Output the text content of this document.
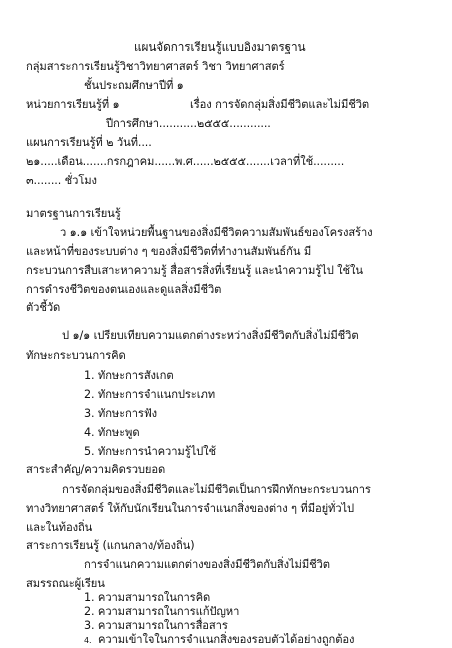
แผนจัดการเรียนรู้แบบอิงมาตรฐาน
กลุ่มสาระการเรียนรู้วิชาวิทยาศาสตร์ วิชา วิทยาศาสตร์
ชั้นประถมศึกษาปีที่ ๑
หน่วยการเรียนรู้ที่ ๑	เรื่อง การจัดกลุ่มสิ่งมีชีวิตและไม่มีชีวิต
ปีการศึกษา...........๒๕๕๕............
แผนการเรียนรู้ที่ ๒ วันที่....
๒๑.....เดือน.......กรกฎาคม......พ.ศ......๒๕๕๕.......เวลาที่ใช้.........
๓........ ชั่วโมง
มาตรฐานการเรียนรู้
ว ๑.๑ เข้าใจหน่วยพื้นฐานของสิ่งมีชีวิตความสัมพันธ์ของโครงสร้าง
และหน้าที่ของระบบต่าง ๆ ของสิ่งมีชีวิตที่ทำงานสัมพันธ์กัน มี
กระบวนการสืบเสาะหาความรู้ สื่อสารสิ่งที่เรียนรู้ และนำความรู้ไป ใช้ใน
การดำรงชีวิตของตนเองและดูแลสิ่งมีชีวิต
ตัวชี้วัด
ป ๑/๑ เปรียบเทียบความแตกต่างระหว่างสิ่งมีชีวิตกับสิ่งไม่มีชีวิต
ทักษะกระบวนการคิด
1. ทักษะการสังเกต
2. ทักษะการจำแนกประเภท
3. ทักษะการฟัง
4. ทักษะพูด
5. ทักษะการนำความรู้ไปใช้
สาระสำคัญ/ความคิดรวบยอด
การจัดกลุ่มของสิ่งมีชีวิตและไม่มีชีวิตเป็นการฝึกทักษะกระบวนการ
ทางวิทยาศาสตร์ ให้กับนักเรียนในการจำแนกสิ่งของต่าง ๆ ที่มีอยู่ทั่วไป
และในท้องถิ่น
สาระการเรียนรู้ (แกนกลาง/ท้องถิ่น)
การจำแนกความแตกต่างของสิ่งมีชีวิตกับสิ่งไม่มีชีวิต
สมรรถณะผู้เรียน
1. ความสามารถในการคิด
2. ความสามารถในการแก้ปัญหา
3. ความสามารถในการสื่อสาร
4. ความเข้าใจในการจำแนกสิ่งของรอบตัวได้อย่างถูกต้อง
